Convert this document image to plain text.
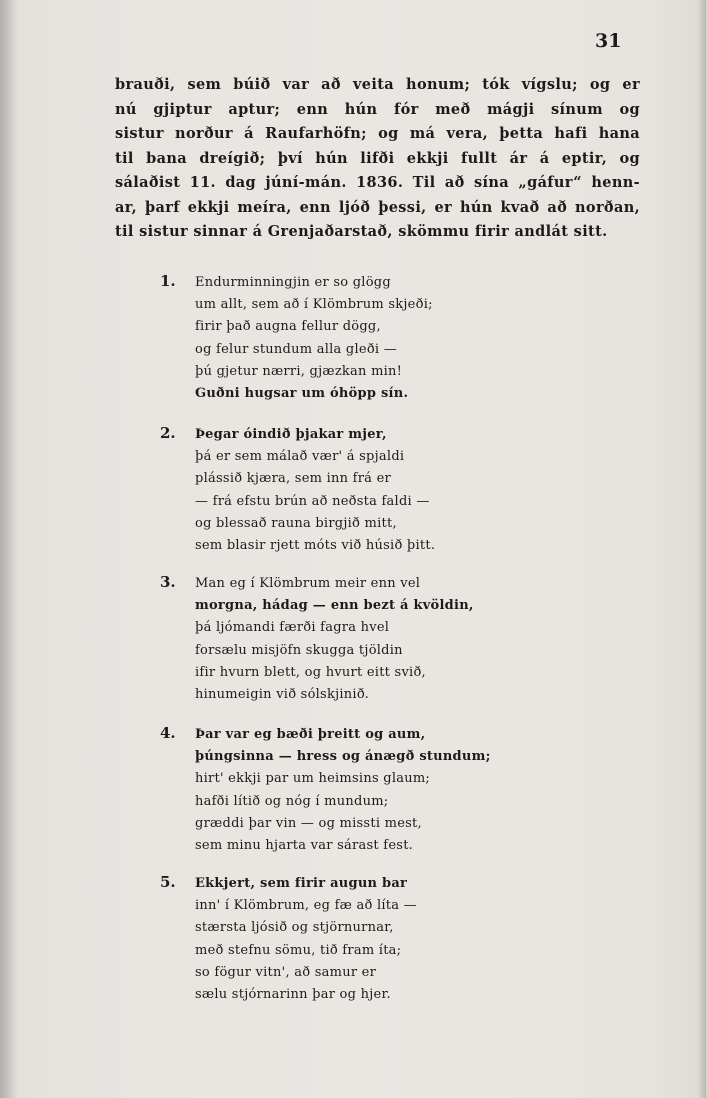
31
brauði, sem búið var að veita honum; tók vígslu; og er
nú gjiptur aptur; enn hún fór með mágji sínum og
sistur norður á Raufarhöfn; og má vera, þetta hafi hana
til bana dreígið; því hún lifði ekkji fullt ár á eptir, og
sálaðist 11. dag júní-mán. 1836. Til að sína „gáfur“ henn-
ar, þarf ekkji meíra, enn ljóð þessi, er hún kvað að norðan,
til sistur sinnar á Grenjaðarstað, skömmu firir andlát sitt.
1. Endurminningjin er so glögg
um allt, sem að í Klömbrum skjeði;
firir það augna fellur dögg,
og felur stundum alla gleði —
þú gjetur nærri, gjæzkan min!
Guðni hugsar um óhöpp sín.
2. Þegar óindið þjakar mjer,
þá er sem málað vær' á spjaldi
plássið kjæra, sem inn frá er
— frá efstu brún að neðsta faldi —
og blessað rauna birgjið mitt,
sem blasir rjett móts við húsið þitt.
3. Man eg í Klömbrum meir enn vel
morgna, hádag — enn bezt á kvöldin,
þá ljómandi færði fagra hvel
forsælu misjöfn skugga tjöldin
ifir hvurn blett, og hvurt eitt svið,
hinumeigin við sólskjinið.
4. Þar var eg bæði þreitt og aum,
þúngsinna — hress og ánægð stundum;
hirt' ekkji par um heimsins glaum;
hafði lítið og nóg í mundum;
græddi þar vin — og missti mest,
sem minu hjarta var sárast fest.
5. Ekkjert, sem firir augun bar
inn' í Klömbrum, eg fæ að líta —
stærsta ljósið og stjörnurnar,
með stefnu sömu, tið fram íta;
so fögur vitn', að samur er
sælu stjórnarinn þar og hjer.
